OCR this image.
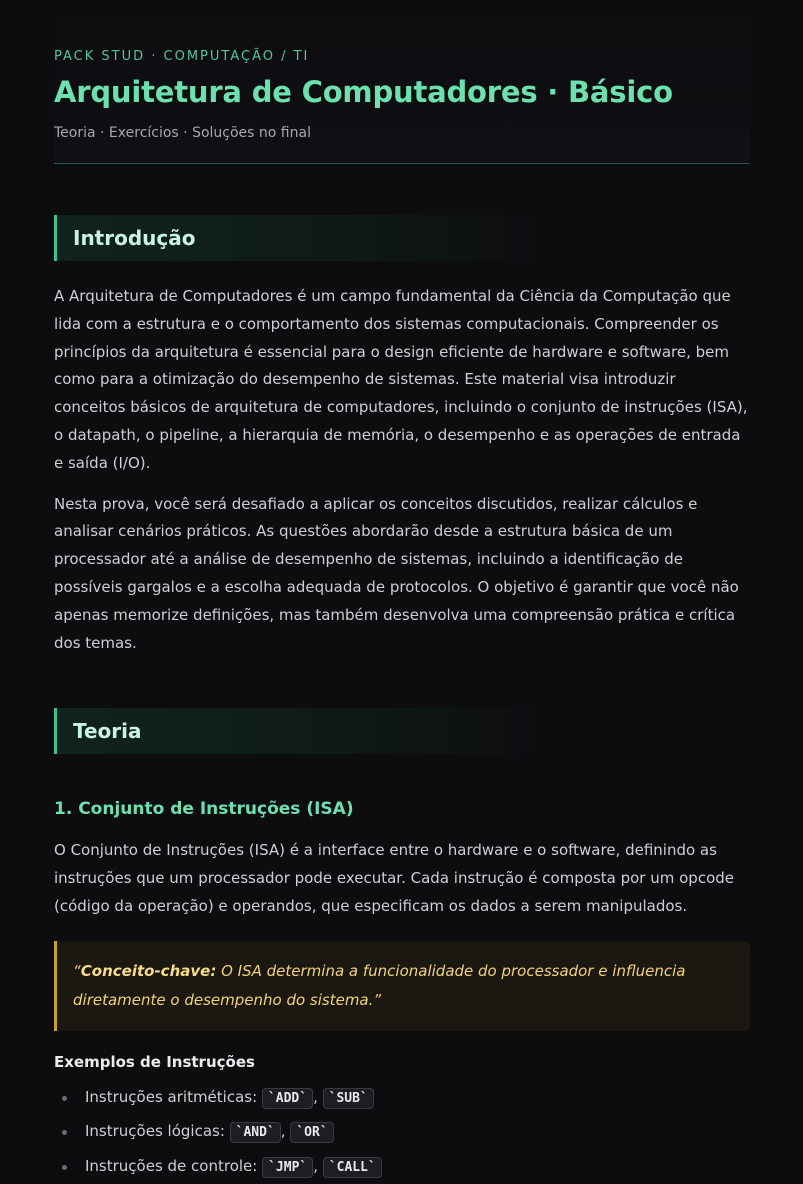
PACK STUD · COMPUTAÇÃO / TI
Arquitetura de Computadores · Básico
Teoria · Exercícios · Soluções no final
Introdução

A Arquitetura de Computadores é um campo fundamental da Ciência da Computação que lida com a estrutura e o comportamento dos sistemas computacionais. Compreender os princípios da arquitetura é essencial para o design eficiente de hardware e software, bem como para a otimização do desempenho de sistemas. Este material visa introduzir conceitos básicos de arquitetura de computadores, incluindo o conjunto de instruções (ISA), o datapath, o pipeline, a hierarquia de memória, o desempenho e as operações de entrada e saída (I/O).

Nesta prova, você será desafiado a aplicar os conceitos discutidos, realizar cálculos e analisar cenários práticos. As questões abordarão desde a estrutura básica de um processador até a análise de desempenho de sistemas, incluindo a identificação de possíveis gargalos e a escolha adequada de protocolos. O objetivo é garantir que você não apenas memorize definições, mas também desenvolva uma compreensão prática e crítica dos temas.

Teoria
1. Conjunto de Instruções (ISA)

O Conjunto de Instruções (ISA) é a interface entre o hardware e o software, definindo as instruções que um processador pode executar. Cada instrução é composta por um opcode (código da operação) e operandos, que especificam os dados a serem manipulados.

“Conceito-chave: O ISA determina a funcionalidade do processador e influencia diretamente o desempenho do sistema.”
Exemplos de Instruções
Instruções aritméticas: `ADD` , `SUB`
Instruções lógicas: `AND` , `OR`
Instruções de controle: `JMP` , `CALL`
